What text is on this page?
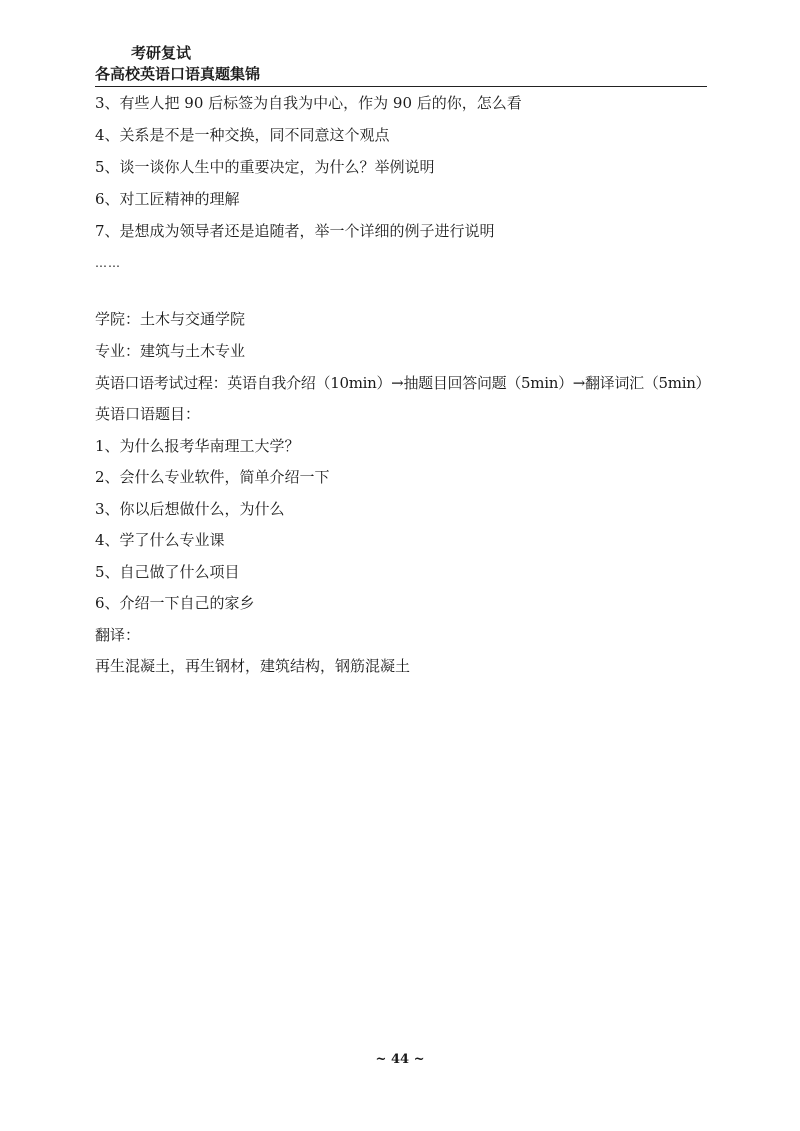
考研复试
各高校英语口语真题集锦
3、有些人把 90 后标签为自我为中心，作为 90 后的你，怎么看
4、关系是不是一种交换，同不同意这个观点
5、谈一谈你人生中的重要决定，为什么？举例说明
6、对工匠精神的理解
7、是想成为领导者还是追随者，举一个详细的例子进行说明
……
学院：土木与交通学院
专业：建筑与土木专业
英语口语考试过程：英语自我介绍（10min）→抽题目回答问题（5min）→翻译词汇（5min）
英语口语题目：
1、为什么报考华南理工大学？
2、会什么专业软件，简单介绍一下
3、你以后想做什么，为什么
4、学了什么专业课
5、自己做了什么项目
6、介绍一下自己的家乡
翻译：
再生混凝土，再生钢材，建筑结构，钢筋混凝土
~ 44 ~
